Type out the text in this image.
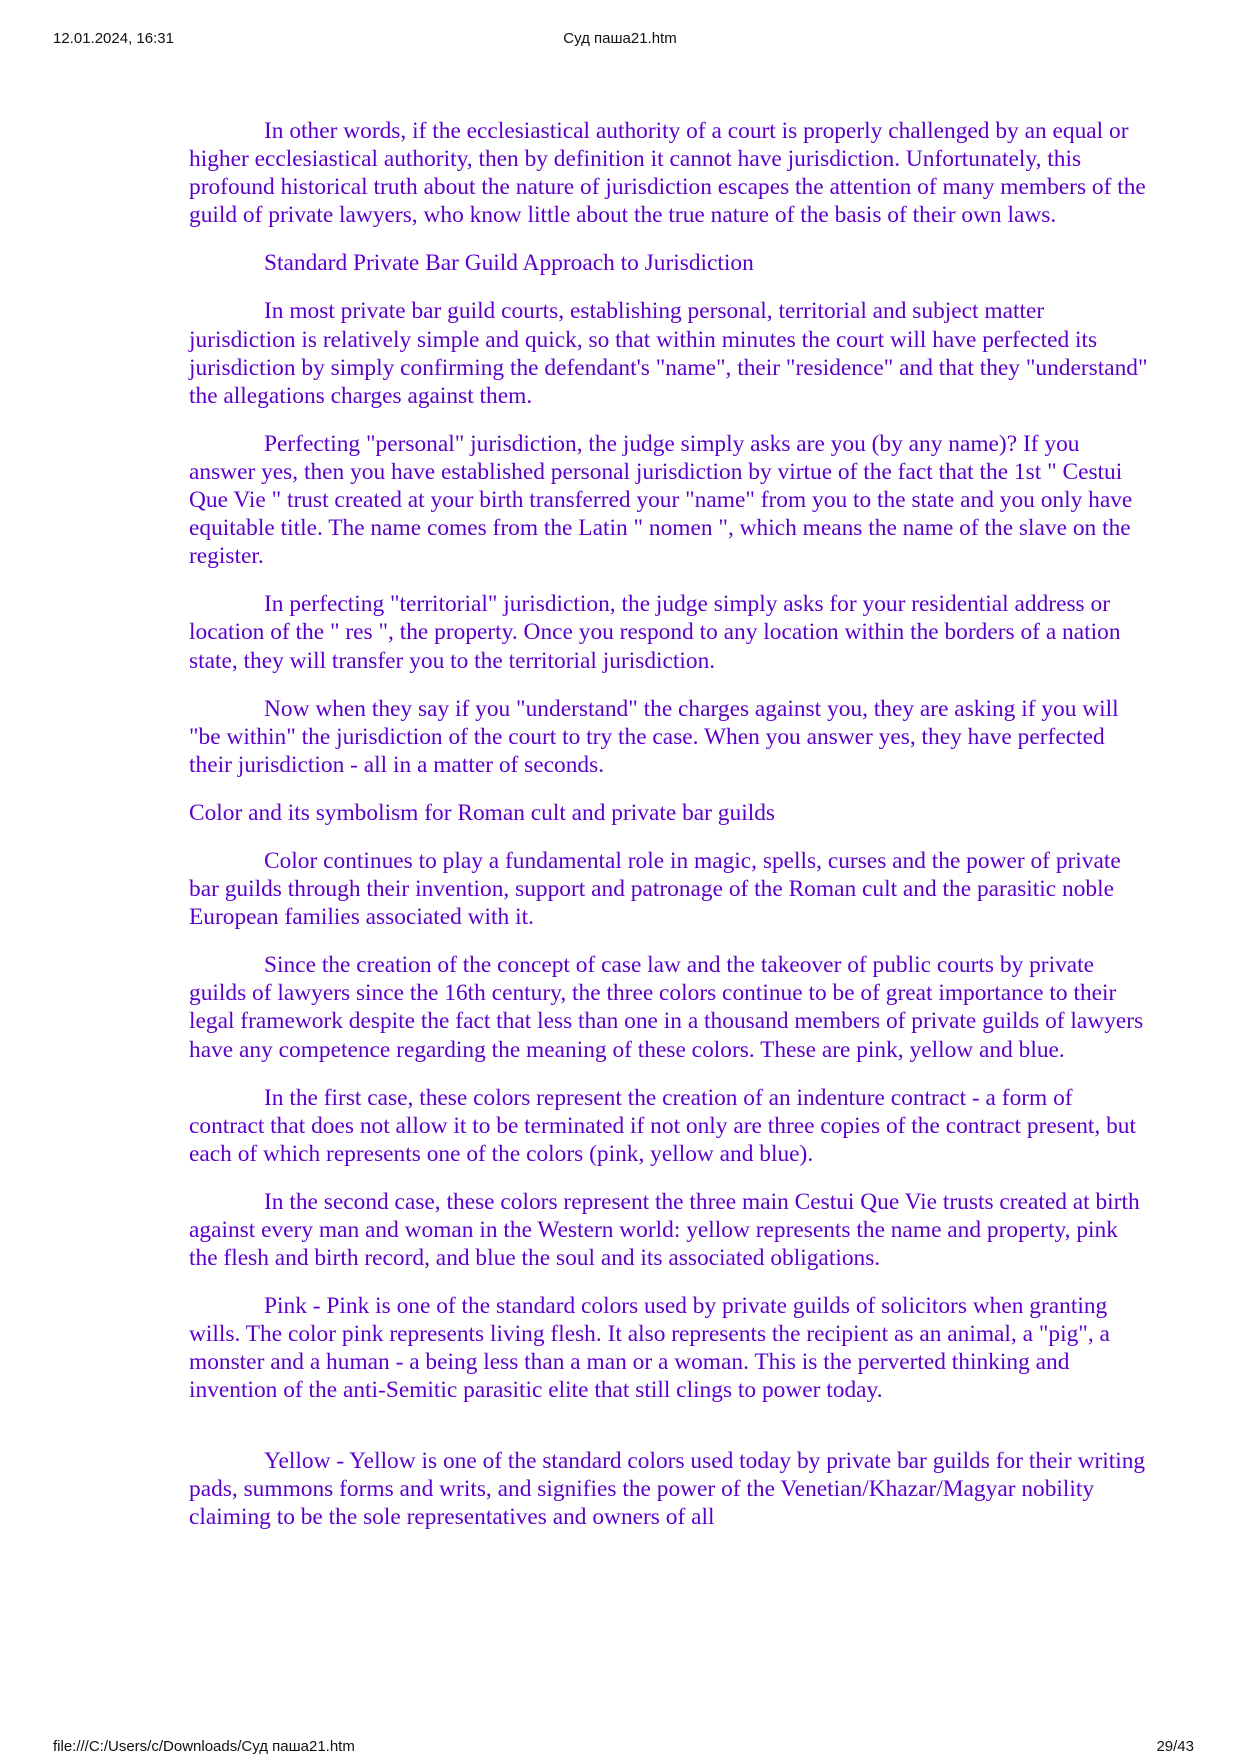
12.01.2024, 16:31	Суд паша21.htm

In other words, if the ecclesiastical authority of a court is properly challenged by an equal or higher ecclesiastical authority, then by definition it cannot have jurisdiction. Unfortunately, this profound historical truth about the nature of jurisdiction escapes the attention of many members of the guild of private lawyers, who know little about the true nature of the basis of their own laws.

Standard Private Bar Guild Approach to Jurisdiction

In most private bar guild courts, establishing personal, territorial and subject matter jurisdiction is relatively simple and quick, so that within minutes the court will have perfected its jurisdiction by simply confirming the defendant's "name", their "residence" and that they "understand" the allegations charges against them.

Perfecting "personal" jurisdiction, the judge simply asks are you (by any name)? If you answer yes, then you have established personal jurisdiction by virtue of the fact that the 1st " Cestui Que Vie " trust created at your birth transferred your "name" from you to the state and you only have equitable title. The name comes from the Latin " nomen ", which means the name of the slave on the register.

In perfecting "territorial" jurisdiction, the judge simply asks for your residential address or location of the " res ", the property. Once you respond to any location within the borders of a nation state, they will transfer you to the territorial jurisdiction.

Now when they say if you "understand" the charges against you, they are asking if you will "be within" the jurisdiction of the court to try the case. When you answer yes, they have perfected their jurisdiction - all in a matter of seconds.

Color and its symbolism for Roman cult and private bar guilds

Color continues to play a fundamental role in magic, spells, curses and the power of private bar guilds through their invention, support and patronage of the Roman cult and the parasitic noble European families associated with it.

Since the creation of the concept of case law and the takeover of public courts by private guilds of lawyers since the 16th century, the three colors continue to be of great importance to their legal framework despite the fact that less than one in a thousand members of private guilds of lawyers have any competence regarding the meaning of these colors. These are pink, yellow and blue.

In the first case, these colors represent the creation of an indenture contract - a form of contract that does not allow it to be terminated if not only are three copies of the contract present, but each of which represents one of the colors (pink, yellow and blue).

In the second case, these colors represent the three main Cestui Que Vie trusts created at birth against every man and woman in the Western world: yellow represents the name and property, pink the flesh and birth record, and blue the soul and its associated obligations.

Pink - Pink is one of the standard colors used by private guilds of solicitors when granting wills. The color pink represents living flesh. It also represents the recipient as an animal, a "pig", a monster and a human - a being less than a man or a woman. This is the perverted thinking and invention of the anti-Semitic parasitic elite that still clings to power today.

Yellow - Yellow is one of the standard colors used today by private bar guilds for their writing pads, summons forms and writs, and signifies the power of the Venetian/Khazar/Magyar nobility claiming to be the sole representatives and owners of all

file:///C:/Users/c/Downloads/Суд паша21.htm	29/43
